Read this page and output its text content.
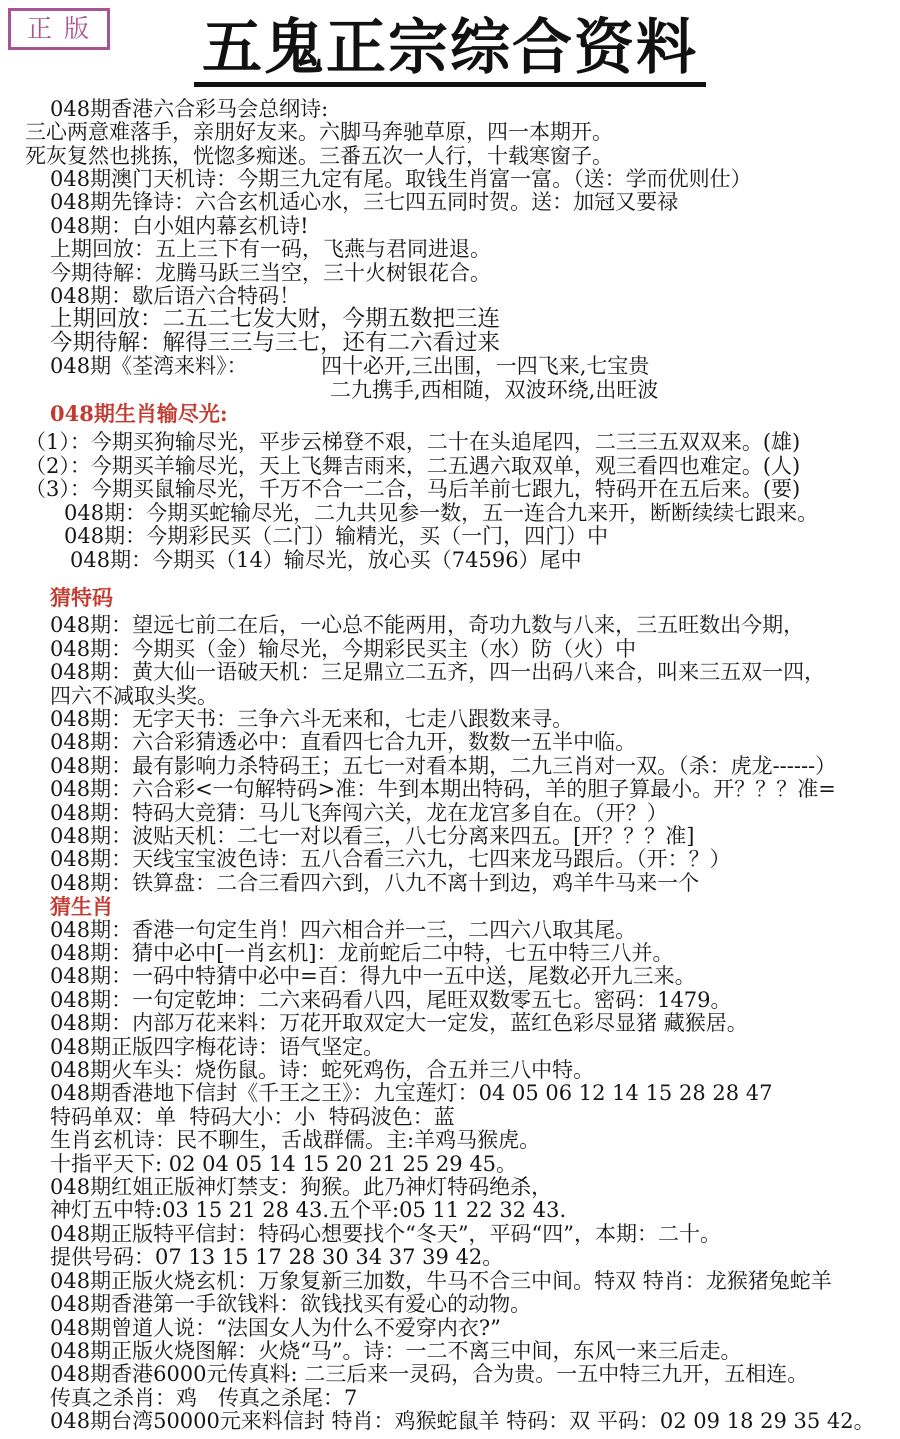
正版	五鬼正宗综合资料
048期香港六合彩马会总纲诗:
三心两意难落手，亲朋好友来。六脚马奔驰草原，四一本期开。
死灰复然也挑拣，恍惚多痴迷。三番五次一人行，十载寒窗子。
048期澳门天机诗：今期三九定有尾。取钱生肖富一富。（送：学而优则仕）
048期先锋诗：六合玄机适心水，三七四五同时贺。送：加冠又要禄
048期：白小姐内幕玄机诗!
上期回放：五上三下有一码，飞燕与君同进退。
今期待解：龙腾马跃三当空，三十火树银花合。
048期：歇后语六合特码！
上期回放：二五二七发大财，今期五数把三连
今期待解：解得三三与三七，还有二六看过来
048期《荃湾来料》：　　　　四十必开,三出围，一四飞来,七宝贵
二九携手,西相随，双波环绕,出旺波
048期生肖输尽光:
（1）：今期买狗输尽光，平步云梯登不艰，二十在头追尾四，二三三五双双来。(雄)
（2）：今期买羊输尽光，天上飞舞吉雨来，二五遇六取双单，观三看四也难定。(人)
（3）：今期买鼠输尽光，千万不合一二合，马后羊前七跟九，特码开在五后来。(要)
048期：今期买蛇输尽光，二九共见参一数，五一连合九来开，断断续续七跟来。
048期：今期彩民买（二门）输精光，买（一门，四门）中
048期：今期买（14）输尽光，放心买（74596）尾中
猜特码
048期：望远七前二在后，一心总不能两用，奇功九数与八来，三五旺数出今期，
048期：今期买（金）输尽光，今期彩民买主（水）防（火）中
048期：黄大仙一语破天机：三足鼎立二五齐，四一出码八来合，叫来三五双一四，
四六不减取头奖。
048期：无字天书：三争六斗无来和，七走八跟数来寻。
048期：六合彩猜透必中：直看四七合九开，数数一五半中临。
048期：最有影响力杀特码王；五七一对看本期，二九三肖对一双。（杀：虎龙------）
048期：六合彩<一句解特码>准：牛到本期出特码，羊的胆子算最小。开？？？准=
048期：特码大竞猜：马儿飞奔闯六关，龙在龙宫多自在。（开？）
048期：波贴天机：二七一对以看三，八七分离来四五。[开？？？准]
048期：天线宝宝波色诗：五八合看三六九，七四来龙马跟后。（开：？）
048期：铁算盘：二合三看四六到，八九不离十到边，鸡羊牛马来一个
猜生肖
048期：香港一句定生肖！四六相合并一三，二四六八取其尾。
048期：猜中必中[一肖玄机]：龙前蛇后二中特，七五中特三八并。
048期：一码中特猜中必中=百：得九中一五中送，尾数必开九三来。
048期：一句定乾坤：二六来码看八四，尾旺双数零五七。密码：1479。
048期：内部万花来料：万花开取双定大一定发，蓝红色彩尽显猪 藏猴居。
048期正版四字梅花诗：语气坚定。
048期火车头：烧伤鼠。诗：蛇死鸡伤，合五并三八中特。
048期香港地下信封《千王之王》：九宝莲灯：04 05 06 12 14 15 28 28 47
特码单双：单  特码大小：小  特码波色：蓝
生肖玄机诗：民不聊生，舌战群儒。主:羊鸡马猴虎。
十指平天下: 02 04 05 14 15 20 21 25 29 45。
048期红姐正版神灯禁支：狗猴。此乃神灯特码绝杀，
神灯五中特:03 15 21 28 43.五个平:05 11 22 32 43.
048期正版特平信封：特码心想要找个“冬天”，平码“四”，本期：二十。
提供号码：07 13 15 17 28 30 34 37 39 42。
048期正版火烧玄机：万象复新三加数，牛马不合三中间。特双 特肖：龙猴猪兔蛇羊
048期香港第一手欲钱料：欲钱找买有爱心的动物。
048期曾道人说：“法国女人为什么不爱穿内衣?”
048期正版火烧图解：火烧“马”。诗：一二不离三中间，东风一来三后走。
048期香港6000元传真料: 二三后来一灵码，合为贵。一五中特三九开，五相连。
传真之杀肖：鸡　传真之杀尾：7
048期台湾50000元来料信封 特肖：鸡猴蛇鼠羊 特码：双 平码：02 09 18 29 35 42。
